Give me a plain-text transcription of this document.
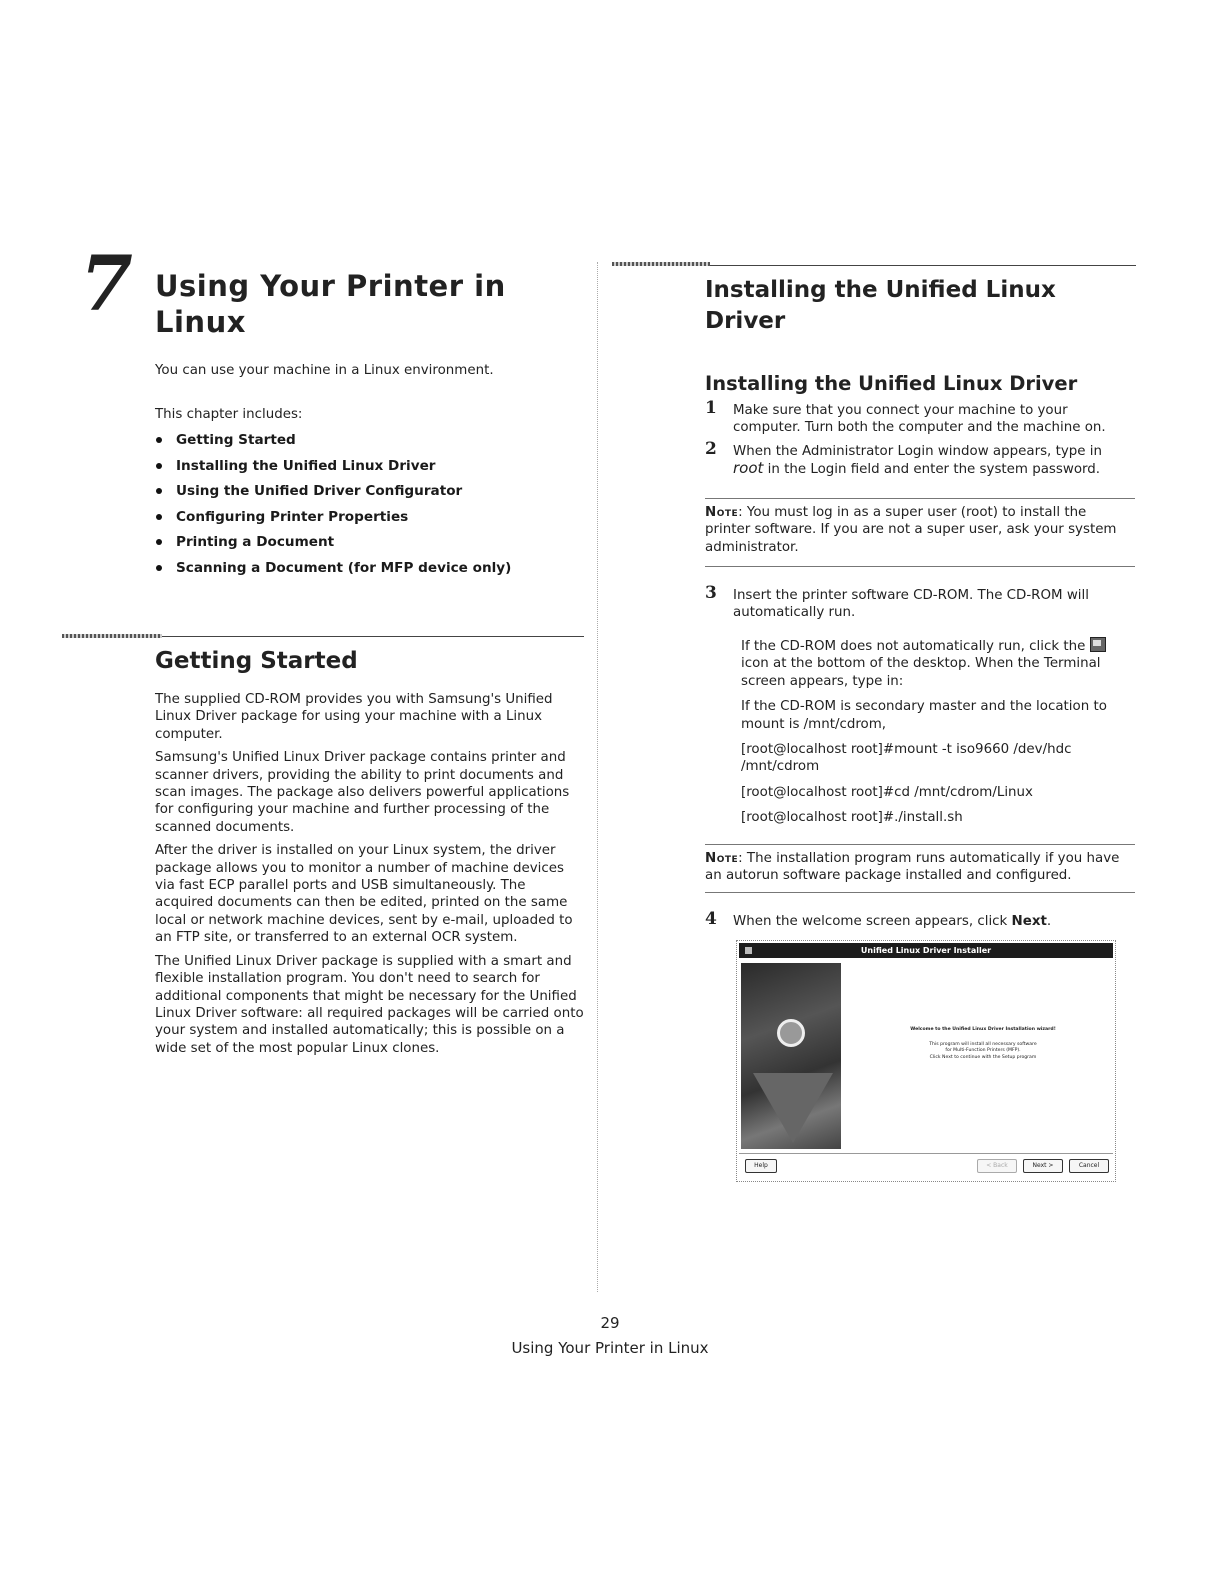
7 Using Your Printer in Linux
You can use your machine in a Linux environment.
This chapter includes:
Getting Started
Installing the Unified Linux Driver
Using the Unified Driver Configurator
Configuring Printer Properties
Printing a Document
Scanning a Document (for MFP device only)
Getting Started

The supplied CD-ROM provides you with Samsung's Unified Linux Driver package for using your machine with a Linux computer.

Samsung's Unified Linux Driver package contains printer and scanner drivers, providing the ability to print documents and scan images. The package also delivers powerful applications for configuring your machine and further processing of the scanned documents.

After the driver is installed on your Linux system, the driver package allows you to monitor a number of machine devices via fast ECP parallel ports and USB simultaneously. The acquired documents can then be edited, printed on the same local or network machine devices, sent by e-mail, uploaded to an FTP site, or transferred to an external OCR system.

The Unified Linux Driver package is supplied with a smart and flexible installation program. You don't need to search for additional components that might be necessary for the Unified Linux Driver software: all required packages will be carried onto your system and installed automatically; this is possible on a wide set of the most popular Linux clones.

Installing the Unified Linux Driver
Installing the Unified Linux Driver
1 Make sure that you connect your machine to your computer. Turn both the computer and the machine on.
2 When the Administrator Login window appears, type in root in the Login field and enter the system password.
Note: You must log in as a super user (root) to install the printer software. If you are not a super user, ask your system administrator.
3 Insert the printer software CD-ROM. The CD-ROM will automatically run.

If the CD-ROM does not automatically run, click the  icon at the bottom of the desktop. When the Terminal screen appears, type in:

If the CD-ROM is secondary master and the location to mount is /mnt/cdrom,

[root@localhost root]#mount -t iso9660 /dev/hdc /mnt/cdrom

[root@localhost root]#cd /mnt/cdrom/Linux

[root@localhost root]#./install.sh

Note: The installation program runs automatically if you have an autorun software package installed and configured.
4 When the welcome screen appears, click Next.
Unified Linux Driver Installer
Welcome to the Unified Linux Driver Installation wizard!
This program will install all necessary software
for Multi-Function Printers (MFP).
Click Next to continue with the Setup program
Help	< Back	Next >	Cancel
29
Using Your Printer in Linux
